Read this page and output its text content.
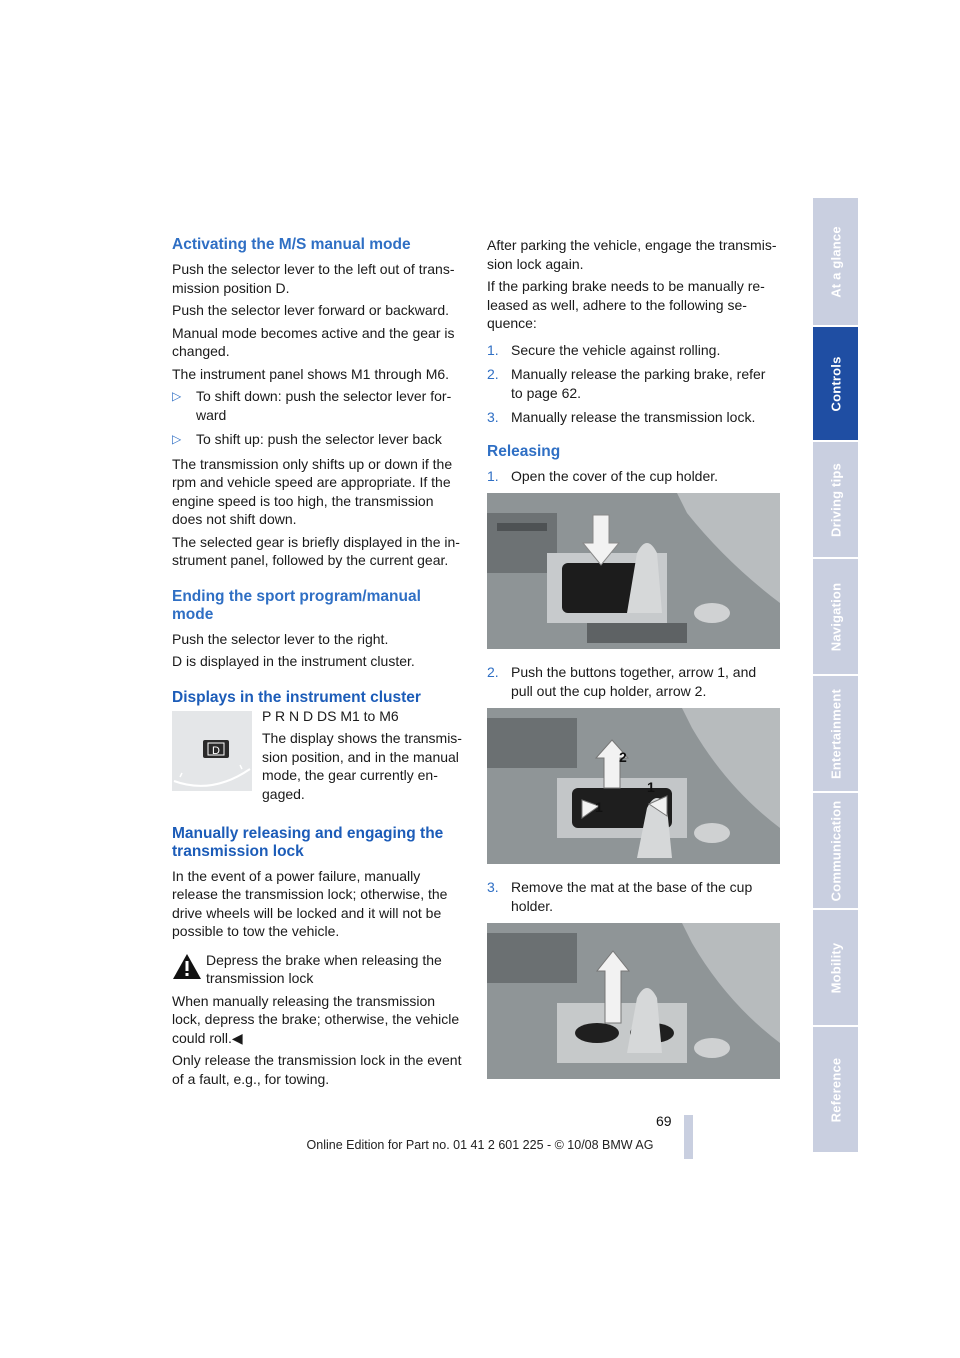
Activating the M/S manual mode

Push the selector lever to the left out of trans-mission position D.

Push the selector lever forward or backward.

Manual mode becomes active and the gear is changed.

The instrument panel shows M1 through M6.

▷ To shift down: push the selector lever for-ward
▷ To shift up: push the selector lever back

The transmission only shifts up or down if the rpm and vehicle speed are appropriate. If the engine speed is too high, the transmission does not shift down.

The selected gear is briefly displayed in the in-strument panel, followed by the current gear.

Ending the sport program/manual mode

Push the selector lever to the right.

D is displayed in the instrument cluster.

Displays in the instrument cluster
D

P R N D DS M1 to M6

The display shows the transmis-sion position, and in the manual mode, the gear currently en-gaged.

Manually releasing and engaging the transmission lock

In the event of a power failure, manually release the transmission lock; otherwise, the drive wheels will be locked and it will not be possible to tow the vehicle.

Depress the brake when releasing the transmission lock

When manually releasing the transmission lock, depress the brake; otherwise, the vehicle could roll.◀

Only release the transmission lock in the event of a fault, e.g., for towing.

After parking the vehicle, engage the transmis-sion lock again.

If the parking brake needs to be manually re-leased as well, adhere to the following se-quence:

1. Secure the vehicle against rolling.
2. Manually release the parking brake, refer to page 62.
3. Manually release the transmission lock.
Releasing
1. Open the cover of the cup holder.
2. Push the buttons together, arrow 1, and pull out the cup holder, arrow 2.
2
1
1
3. Remove the mat at the base of the cup holder.
At a glance
Controls
Driving tips
Navigation
Entertainment
Communication
Mobility
Reference
69
Online Edition for Part no. 01 41 2 601 225 - © 10/08 BMW AG
